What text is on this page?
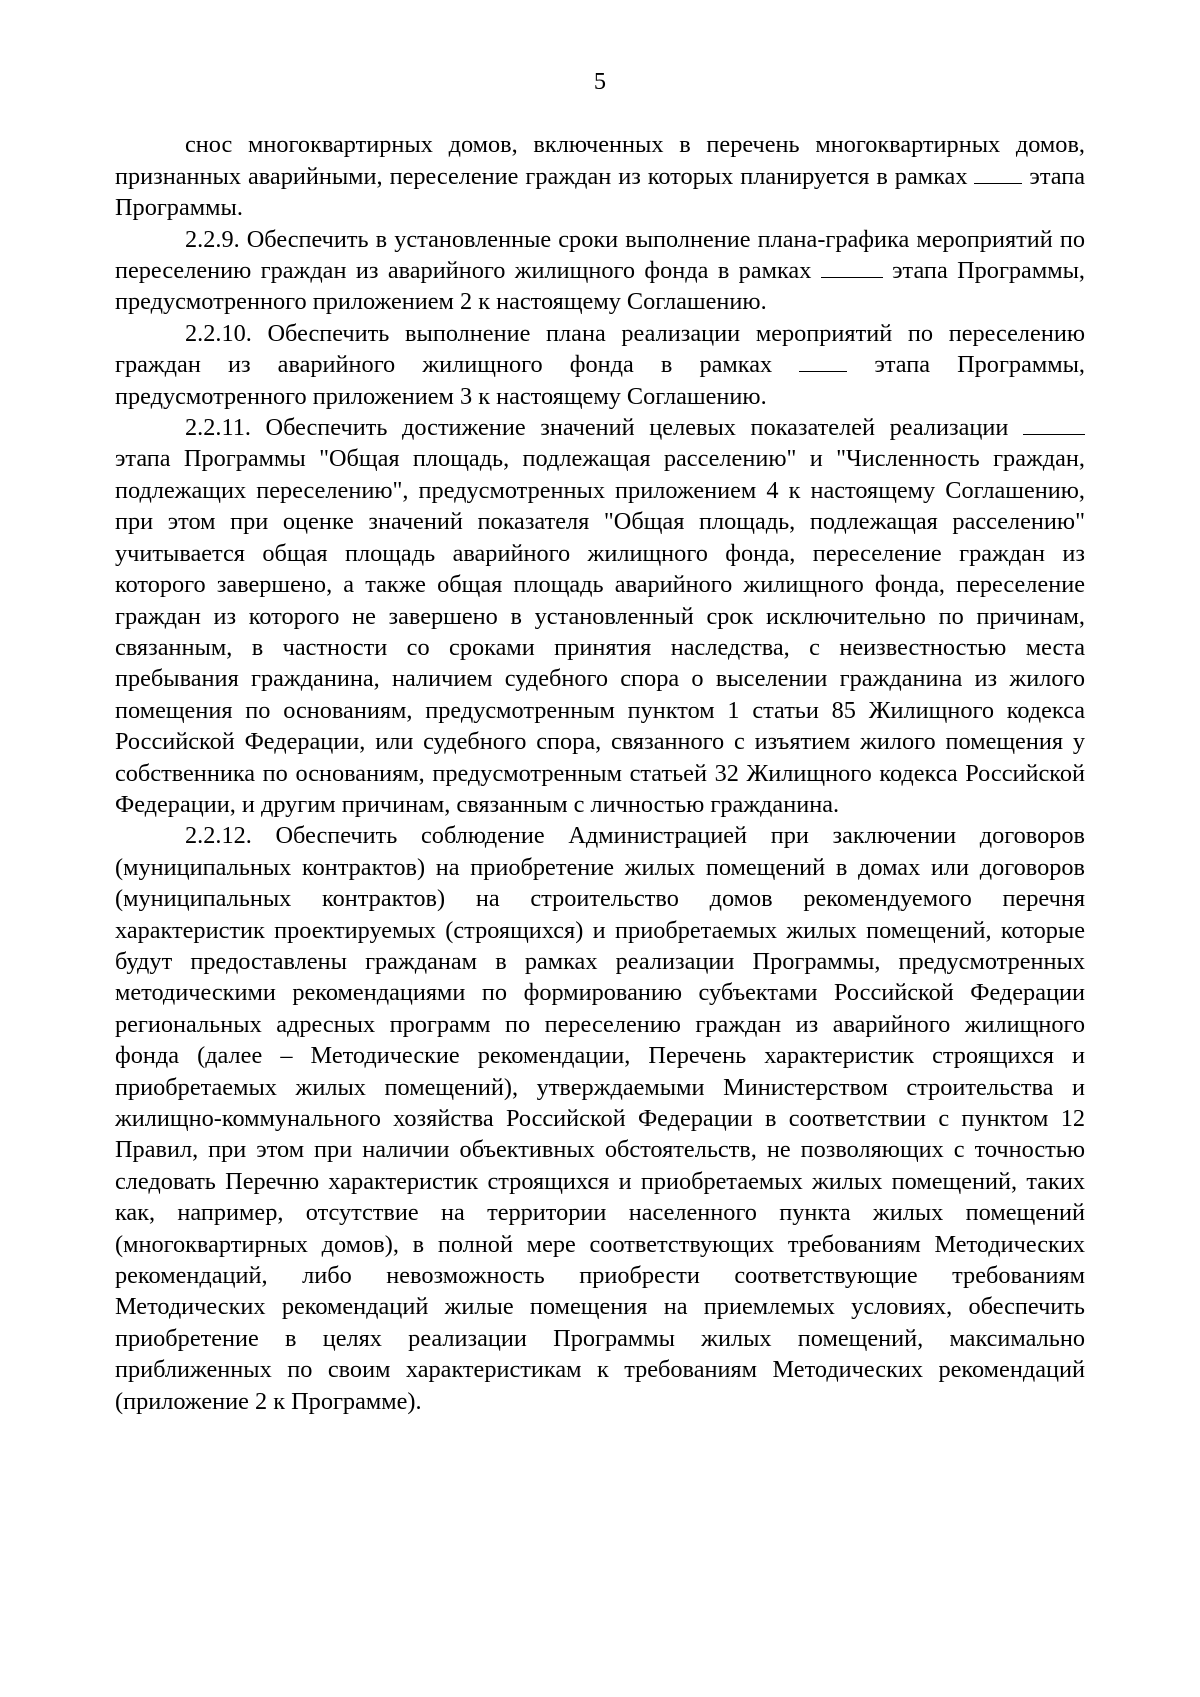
5

снос многоквартирных домов, включенных в перечень многоквартирных домов, признанных аварийными, переселение граждан из которых планируется в рамках  этапа Программы.

2.2.9. Обеспечить в установленные сроки выполнение плана-графика мероприятий по переселению граждан из аварийного жилищного фонда в рамках	этапа Программы, предусмотренного приложением 2 к настоящему Соглашению.

2.2.10. Обеспечить выполнение плана реализации мероприятий по переселению граждан из аварийного жилищного фонда в рамках  этапа Программы, предусмотренного приложением 3 к настоящему Соглашению.

2.2.11. Обеспечить достижение значений целевых показателей реализации  этапа Программы "Общая площадь, подлежащая расселению" и "Численность граждан, подлежащих переселению", предусмотренных приложением 4 к настоящему Соглашению, при этом при оценке значений показателя "Общая площадь, подлежащая расселению" учитывается общая площадь аварийного жилищного фонда, переселение граждан из которого завершено, а также общая площадь аварийного жилищного фонда, переселение граждан из которого не завершено в установленный срок исключительно по причинам, связанным, в частности со сроками принятия наследства, с неизвестностью места пребывания гражданина, наличием судебного спора о выселении гражданина из жилого помещения по основаниям, предусмотренным пунктом 1 статьи 85 Жилищного кодекса Российской Федерации, или судебного спора, связанного с изъятием жилого помещения у собственника по основаниям, предусмотренным статьей 32 Жилищного кодекса Российской Федерации, и другим причинам, связанным с личностью гражданина.

2.2.12. Обеспечить соблюдение Администрацией при заключении договоров (муниципальных контрактов) на приобретение жилых помещений в домах или договоров (муниципальных контрактов) на строительство домов рекомендуемого перечня характеристик проектируемых (строящихся) и приобретаемых жилых помещений, которые будут предоставлены гражданам в рамках реализации Программы, предусмотренных методическими рекомендациями по формированию субъектами Российской Федерации региональных адресных программ по переселению граждан из аварийного жилищного фонда (далее – Методические рекомендации, Перечень характеристик строящихся и приобретаемых жилых помещений), утверждаемыми Министерством строительства и жилищно-коммунального хозяйства Российской Федерации в соответствии с пунктом 12 Правил, при этом при наличии объективных обстоятельств, не позволяющих с точностью следовать Перечню характеристик строящихся и приобретаемых жилых помещений, таких как, например, отсутствие на территории населенного пункта жилых помещений (многоквартирных домов), в полной мере соответствующих требованиям Методических рекомендаций, либо невозможность приобрести соответствующие требованиям Методических рекомендаций жилые помещения на приемлемых условиях, обеспечить приобретение в целях реализации Программы жилых помещений, максимально приближенных по своим характеристикам к требованиям Методических рекомендаций (приложение 2 к Программе).
